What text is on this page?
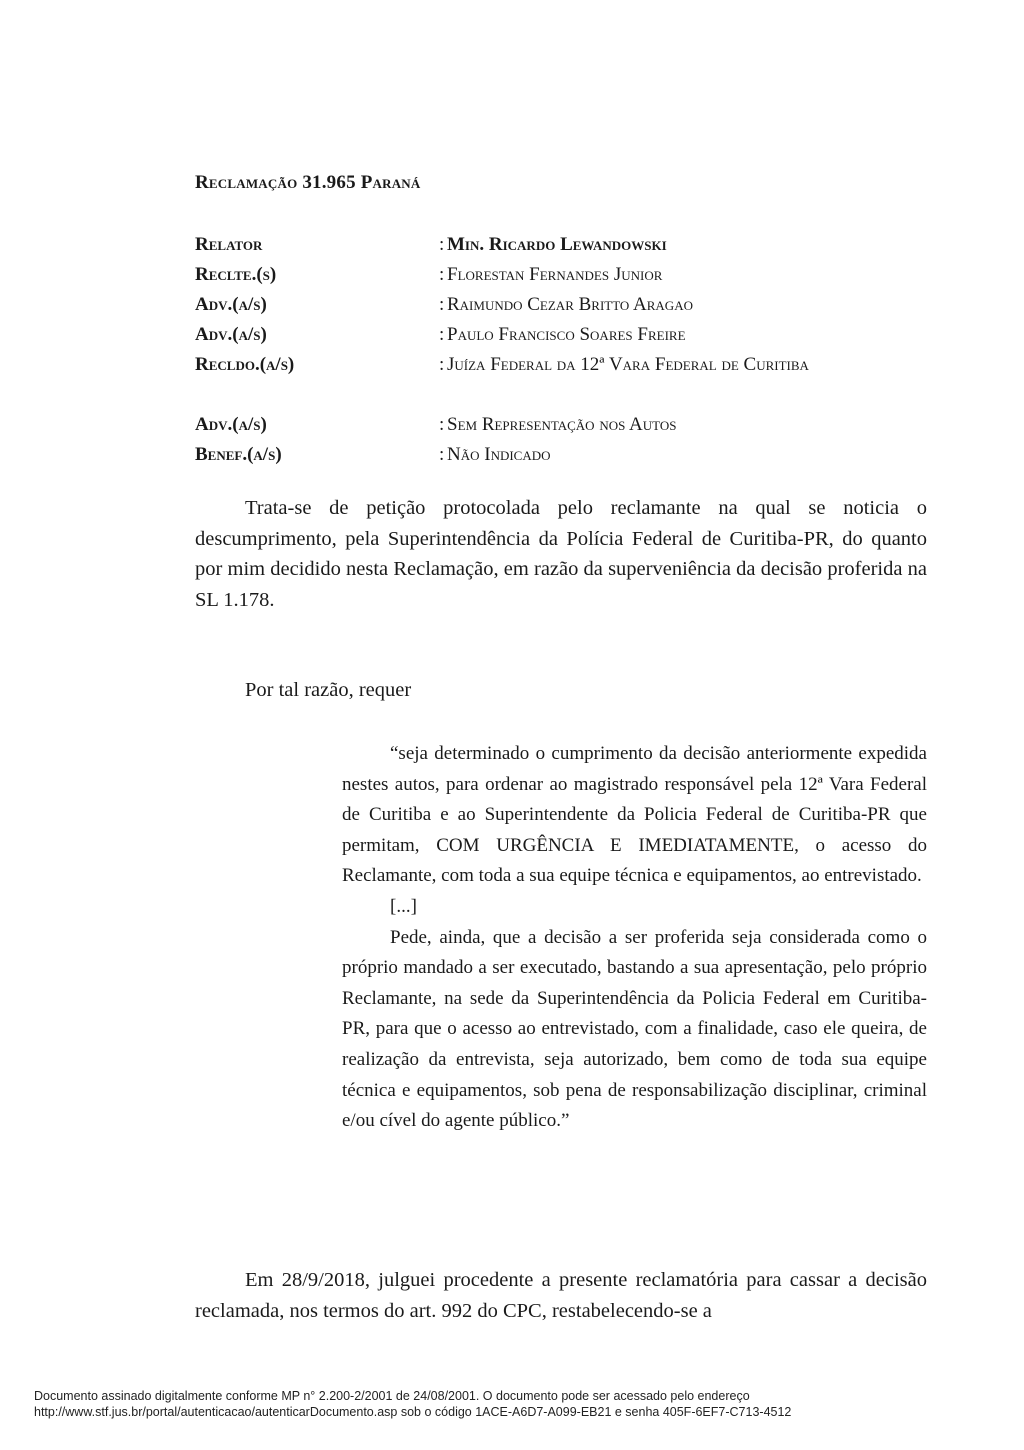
Reclamação 31.965 Paraná
Relator	: Min. Ricardo Lewandowski
Reclte.(s)	: Florestan Fernandes Junior
Adv.(a/s)	: Raimundo Cezar Britto Aragao
Adv.(a/s)	: Paulo Francisco Soares Freire
Recldo.(a/s)	: Juíza Federal da 12ª Vara Federal de Curitiba
Adv.(a/s)	: Sem Representação nos Autos
Benef.(a/s)	: Não Indicado

Trata-se de petição protocolada pelo reclamante na qual se noticia o descumprimento, pela Superintendência da Polícia Federal de Curitiba-PR, do quanto por mim decidido nesta Reclamação, em razão da superveniência da decisão proferida na SL 1.178.

Por tal razão, requer

“seja determinado o cumprimento da decisão anteriormente expedida nestes autos, para ordenar ao magistrado responsável pela 12ª Vara Federal de Curitiba e ao Superintendente da Policia Federal de Curitiba-PR que permitam, COM URGÊNCIA E IMEDIATAMENTE, o acesso do Reclamante, com toda a sua equipe técnica e equipamentos, ao entrevistado.

[...]

Pede, ainda, que a decisão a ser proferida seja considerada como o próprio mandado a ser executado, bastando a sua apresentação, pelo próprio Reclamante, na sede da Superintendência da Policia Federal em Curitiba-PR, para que o acesso ao entrevistado, com a finalidade, caso ele queira, de realização da entrevista, seja autorizado, bem como de toda sua equipe técnica e equipamentos, sob pena de responsabilização disciplinar, criminal e/ou cível do agente público.”

Em 28/9/2018, julguei procedente a presente reclamatória para cassar a decisão reclamada, nos termos do art. 992 do CPC, restabelecendo-se a

Documento assinado digitalmente conforme MP n° 2.200-2/2001 de 24/08/2001. O documento pode ser acessado pelo endereço
http://www.stf.jus.br/portal/autenticacao/autenticarDocumento.asp sob o código 1ACE-A6D7-A099-EB21 e senha 405F-6EF7-C713-4512
